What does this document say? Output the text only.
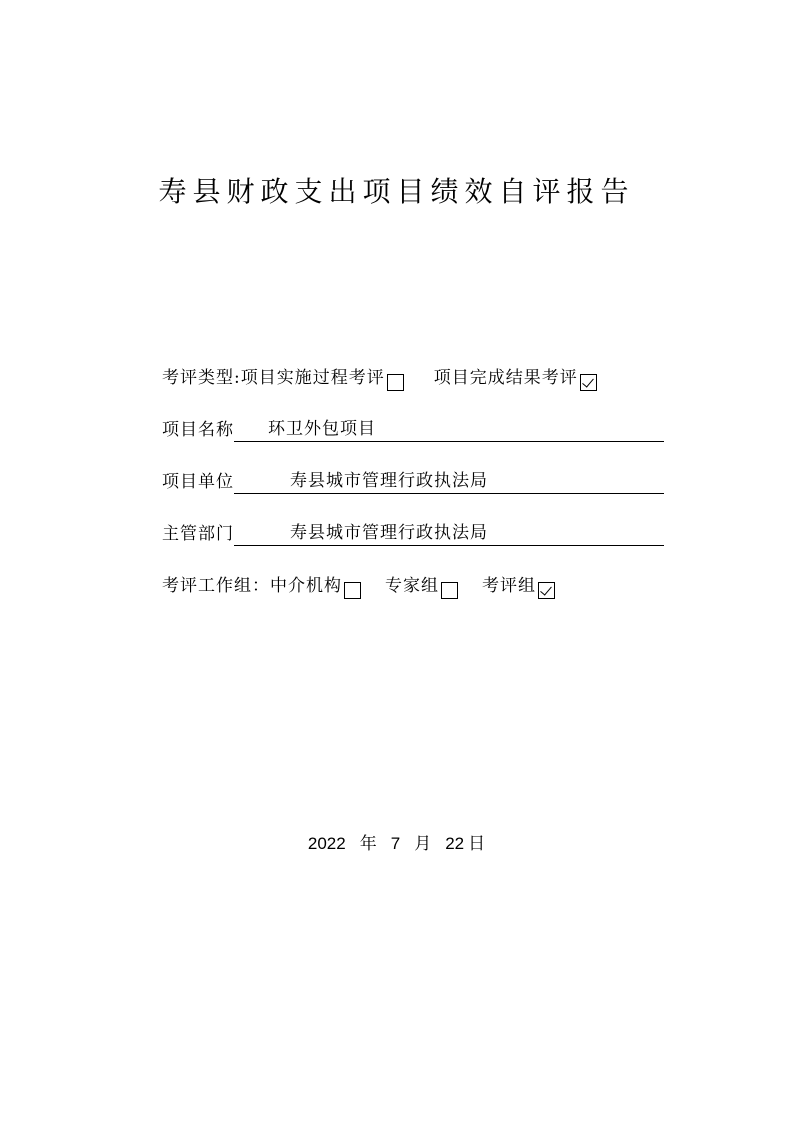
寿县财政支出项目绩效自评报告
考评类型: 项目实施过程考评	项目完成结果考评
项目名称	环卫外包项目
项目单位	寿县城市管理行政执法局
主管部门	寿县城市管理行政执法局
考评工作组： 中介机构	专家组	考评组
2022 年 7 月 22 日
